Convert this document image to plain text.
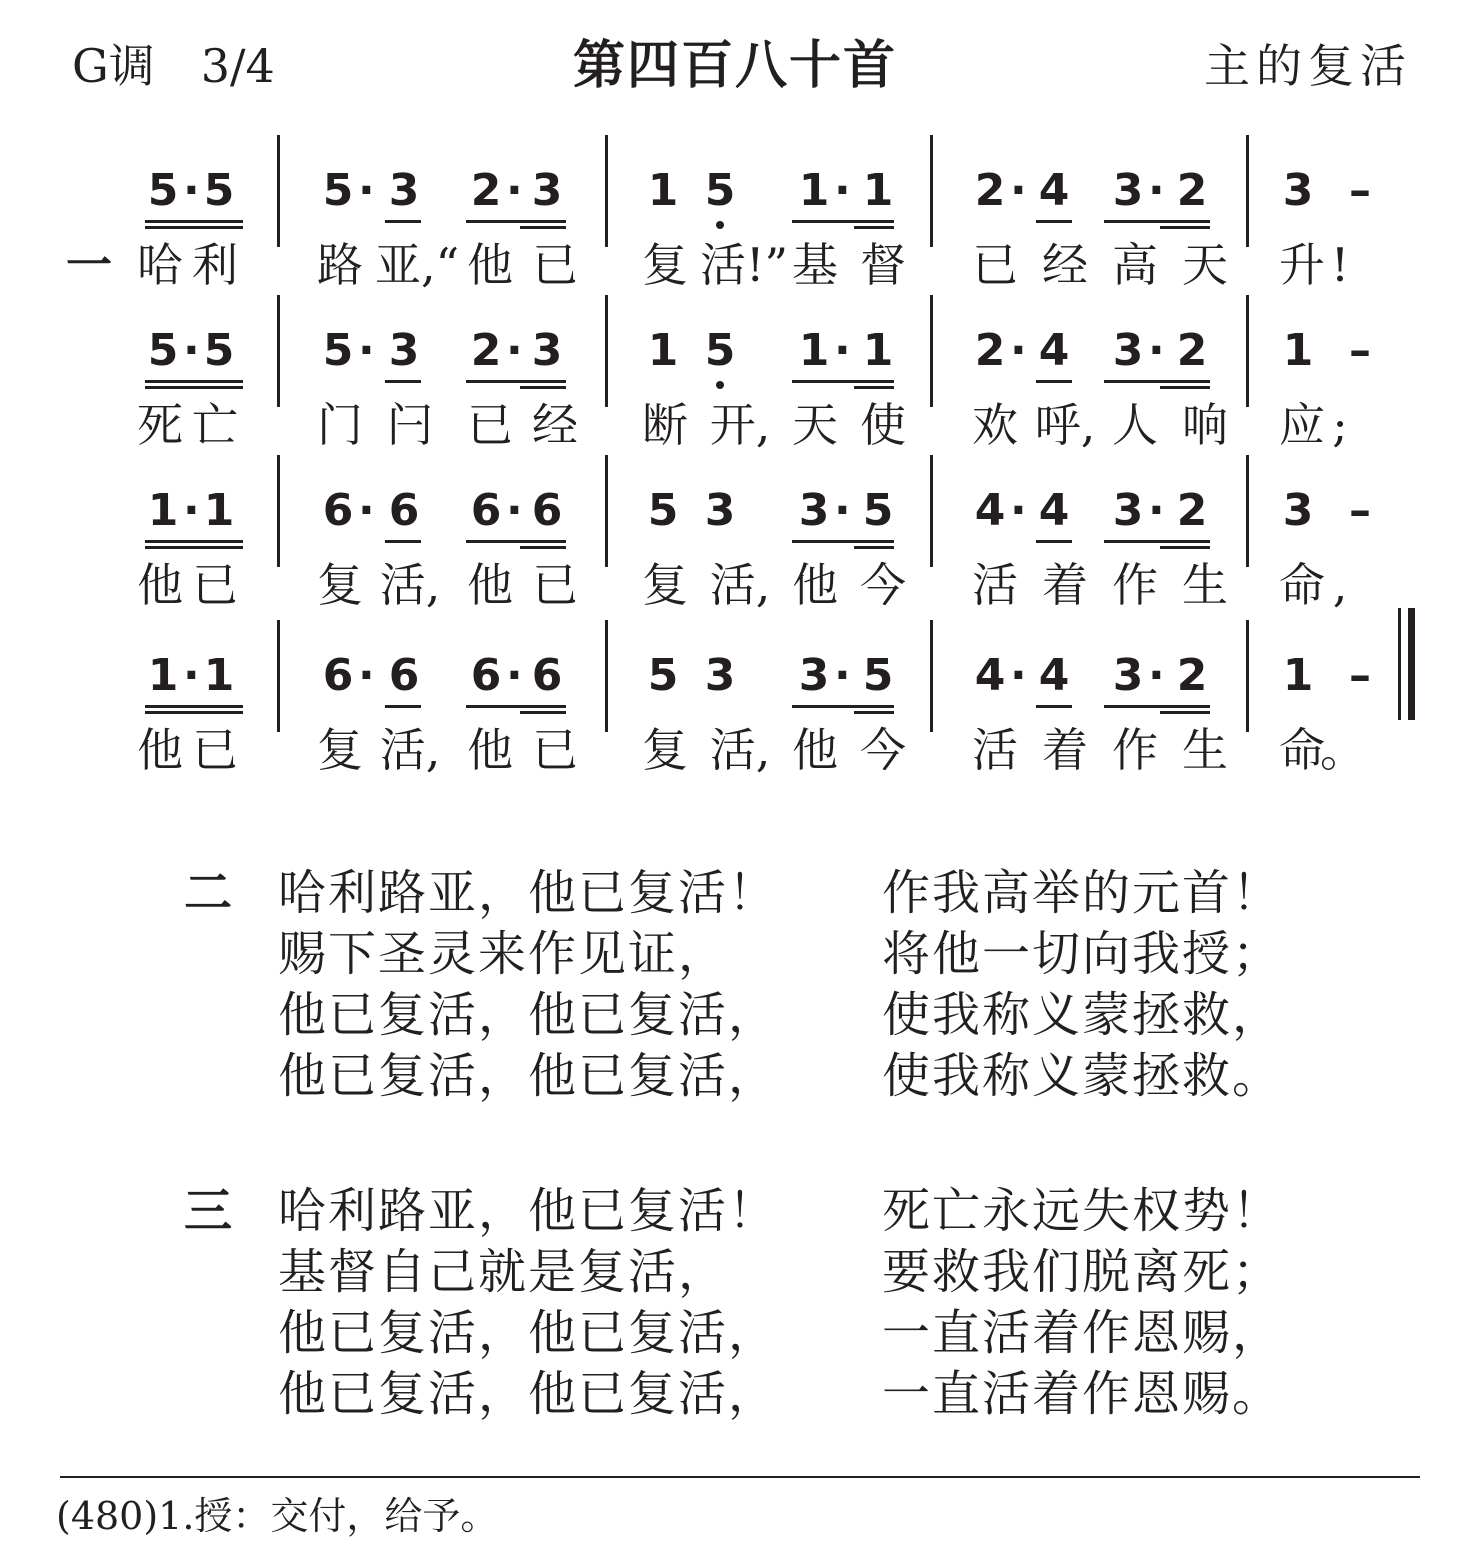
G调　3/4	第四百八十首	主的复活
5 · 5 5 · 3 2 · 3 1 5 1 · 1 2 · 4 3 · 2 3 –
哈 利 路 亚,“ 他 已 复 活!” 基 督 已 经 高 天 升 !
一
5 · 5 5 · 3 2 · 3 1 5 1 · 1 2 · 4 3 · 2 1 –
死 亡 门 闩 已 经 断 开, 天 使 欢 呼, 人 响 应 ;
1 · 1 6 · 6 6 · 6 5 3 3 · 5 4 · 4 3 · 2 3 –
他 已 复 活, 他 已 复 活, 他 今 活 着 作 生 命 ,
1 · 1 6 · 6 6 · 6 5 3 3 · 5 4 · 4 3 · 2 1 –
他 已 复 活, 他 已 复 活, 他 今 活 着 作 生 命
。
二 哈利路亚，他已复活！
赐下圣灵来作见证，
他已复活，他已复活，
他已复活，他已复活，
作我高举的元首！
将他一切向我授；
使我称义蒙拯救，
使我称义蒙拯救。
三 哈利路亚，他已复活！
基督自己就是复活，
他已复活，他已复活，
他已复活，他已复活，
死亡永远失权势！
要救我们脱离死；
一直活着作恩赐，
一直活着作恩赐。
(480)1.授：交付，给予。
